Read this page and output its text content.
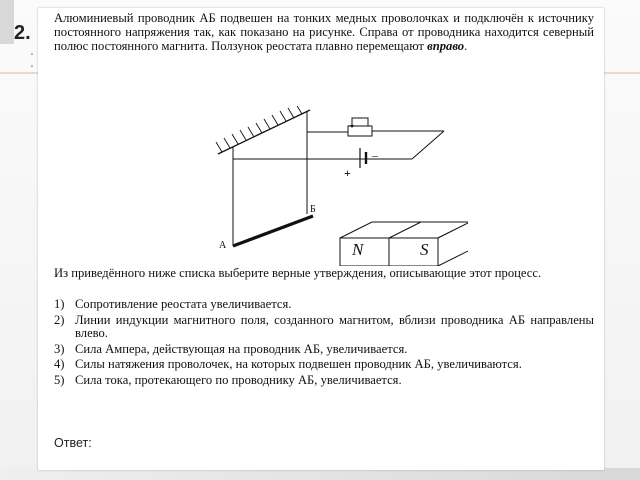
2.
.
.
Алюминиевый проводник АБ подвешен на тонких медных проволочках и подключён к источнику постоянного напряжения так, как показано на рисунке. Справа от проводника находится северный полюс постоянного магнита. Ползунок реостата плавно перемещают вправо.
А
Б
+
–
N	S
Из приведённого ниже списка выберите верные утверждения, описывающие этот процесс.
1) Сопротивление реостата увеличивается.
2) Линии индукции магнитного поля, созданного магнитом, вблизи проводника АБ направлены влево.
3) Сила Ампера, действующая на проводник АБ, увеличивается.
4) Силы натяжения проволочек, на которых подвешен проводник АБ, увеличиваются.
5) Сила тока, протекающего по проводнику АБ, увеличивается.
Ответ:
